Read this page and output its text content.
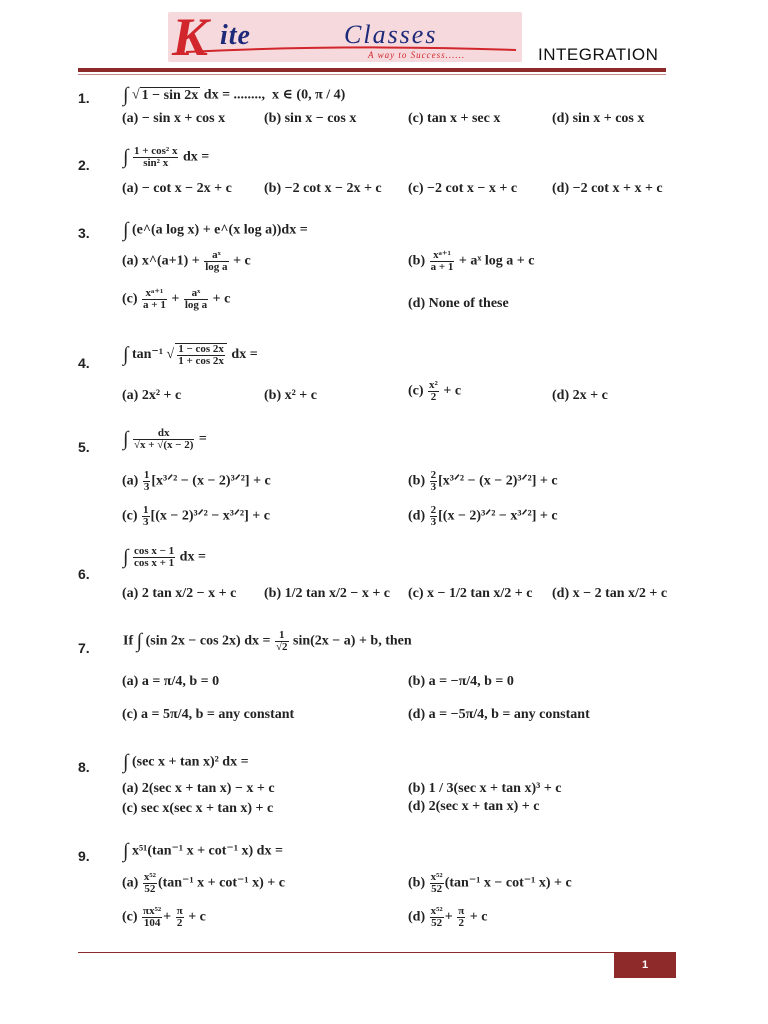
K ite	Classes
A way to Success......	INTEGRATION
1. ∫ √ 1 − sin 2x dx = ........, x ∈ (0, π / 4)
(a) − sin x + cos x	(b) sin x − cos x	(c) tan x + sec x	(d) sin x + cos x
2. ∫ $\frac{\text{1 + cos² x}}{\text{sin² x}}$ dx =
(a) − cot x − 2x + c (b) −2 cot x − 2x + c (c) −2 cot x − x + c (d) −2 cot x + x + c
3. ∫ (e^(a log x) + e^(x log a))dx =
(a) x^(a+1) + $\frac{\text{aˣ}}{\text{log a}} + c$	$(b) \frac{\text{xᵃ⁺¹}}{a + 1}$ + aˣ log a + c
$(c) \frac{\text{xᵃ⁺¹}}{a + 1} + \frac{\text{aˣ}}{\text{log a}} + c$	(d) None of these
4. ∫ tan⁻¹ √ $\frac{1 - \cos 2x}{1 + \cos 2x}$ dx =
(a) 2x² + c	(b) x² + c	$(c) \frac{\text{x²}}{2} + c$	(d) 2x + c
5. ∫ $\frac{dx}{√x + √(x - 2)}$ =
$(a) \frac{1}{3}$ [x³ᐟ² − (x − 2)³ᐟ²] + c	$(b) \frac{2}{3}$ [x³ᐟ² − (x − 2)³ᐟ²] + c
$(c) \frac{1}{3} [(x$ − 2)³ᐟ² − x³ᐟ²] + c	$(d) \frac{2}{3} [(x$ − 2)³ᐟ² − x³ᐟ²] + c
∫ $\frac{\text{cos x − 1}}{\text{cos x + 1}}$ dx =
6.
(a) 2 tan x/2 − x + c (b) 1/2 tan x/2 − x + c (c) x − 1/2 tan x/2 + c (d) x − 2 tan x/2 + c
7. If ∫ (sin 2x − cos 2x) dx = $\frac{1}{√2} \sin(2x - a) + b$, then
(a) a = π/4, b = 0	(b) a = −π/4, b = 0
(c) a = 5π/4, b = any constant	(d) a = −5π/4, b = any constant
8. ∫ (sec x + tan x)² dx =
(a) 2(sec x + tan x) − x + c	(b) 1 / 3(sec x + tan x)³ + c
(c) sec x(sec x + tan x) + c	(d) 2(sec x + tan x) + c
9. ∫ x⁵¹(tan⁻¹ x + cot⁻¹ x) dx =
$(a) \frac{\text{x⁵²}}{52} (\tan^{-1}$ x + cot⁻¹ x) + c	$(b) \frac{\text{x⁵²}}{52} (\tan^{-1}$ x − cot⁻¹ x) + c
$(c) \frac{\text{πx⁵²}}{104} + \frac{\pi}{2} + c$	$(d) \frac{\text{x⁵²}}{52} + \frac{\pi}{2} + c$
1
